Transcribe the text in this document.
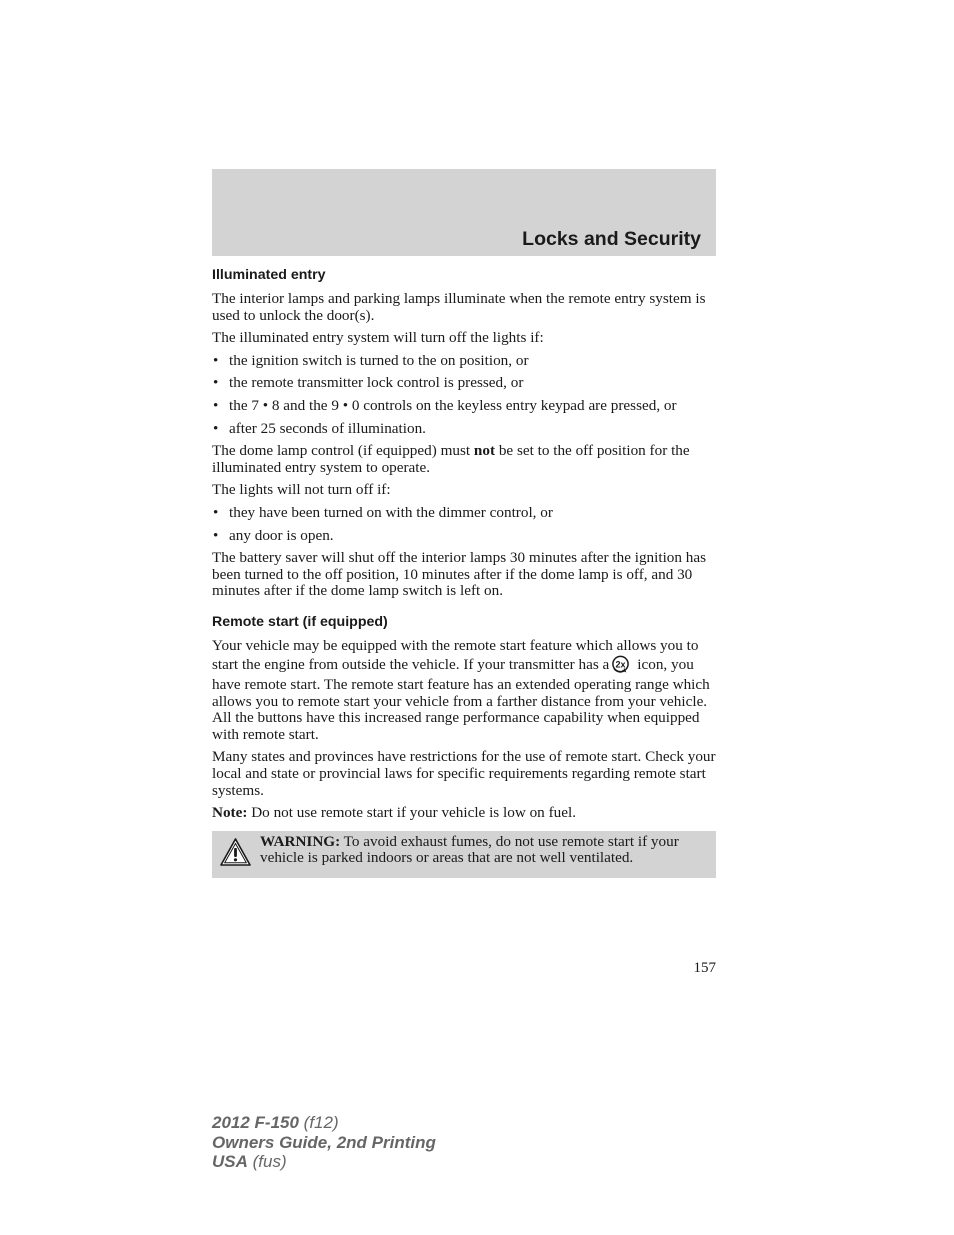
Locks and Security
Illuminated entry

The interior lamps and parking lamps illuminate when the remote entry system is used to unlock the door(s).

The illuminated entry system will turn off the lights if:

• the ignition switch is turned to the on position, or
• the remote transmitter lock control is pressed, or
• the 7 • 8 and the 9 • 0 controls on the keyless entry keypad are pressed, or
• after 25 seconds of illumination.

The dome lamp control (if equipped) must not be set to the off position for the illuminated entry system to operate.

The lights will not turn off if:

• they have been turned on with the dimmer control, or
• any door is open.

The battery saver will shut off the interior lamps 30 minutes after the ignition has been turned to the off position, 10 minutes after if the dome lamp is off, and 30 minutes after if the dome lamp switch is left on.

Remote start (if equipped)

Your vehicle may be equipped with the remote start feature which allows you to start the engine from outside the vehicle. If your transmitter has a 2x icon, you have remote start. The remote start feature has an extended operating range which allows you to remote start your vehicle from a farther distance from your vehicle. All the buttons have this increased range performance capability when equipped with remote start.

Many states and provinces have restrictions for the use of remote start. Check your local and state or provincial laws for specific requirements regarding remote start systems.

Note: Do not use remote start if your vehicle is low on fuel.

WARNING: To avoid exhaust fumes, do not use remote start if your vehicle is parked indoors or areas that are not well ventilated.
157
2012 F-150 (f12)
Owners Guide, 2nd Printing
USA (fus)
